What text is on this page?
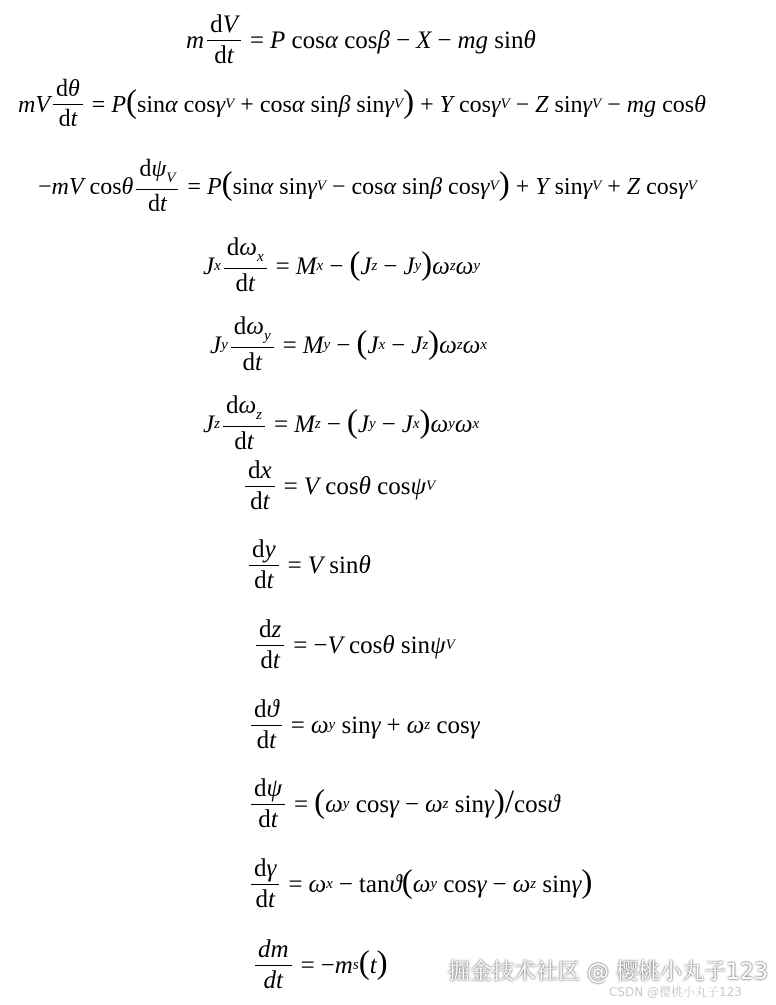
m $\frac{dV}{dt} = P$ cos α cos β − X − mg sin θ
mV $\frac{d\theta}{dt} = P$ ( sin α cos γ V + cos α sin β sin γ V ) + Y cos γ V − Z sin γ V − mg cos θ
− mV cos θ $\frac{d\psi_V}{dt} = P$ ( sin α sin γ V − cos α sin β cos γ V ) + Y sin γ V + Z cos γ V
J x $\frac{d\omega_x}{dt} = M$ x − ( J z − J y ) ω z ω y
J y $\frac{d\omega_y}{dt} = M$ y − ( J x − J z ) ω z ω x
J z $\frac{d\omega_z}{dt} = M$ z − ( J y − J x ) ω y ω x
$\frac{dx}{dt} = V$ cos θ cos ψ V
$\frac{dy}{dt} = V$ sin θ
$\frac{dz}{dt}$ = − V cos θ sin ψ V
$\frac{dϑ}{dt} = \omega$ y sin γ + ω z cos γ
$\frac{d\psi}{dt}$ = ( ω y cos γ − ω z sin γ ) / cos ϑ
$\frac{d\gamma}{dt} = \omega$ x − tan ϑ ( ω y cos γ − ω z sin γ )
$\frac{dm}{dt}$ = − m s ( t )	掘金技术社区 @ 樱桃小丸子123
CSDN @樱桃小丸子123
